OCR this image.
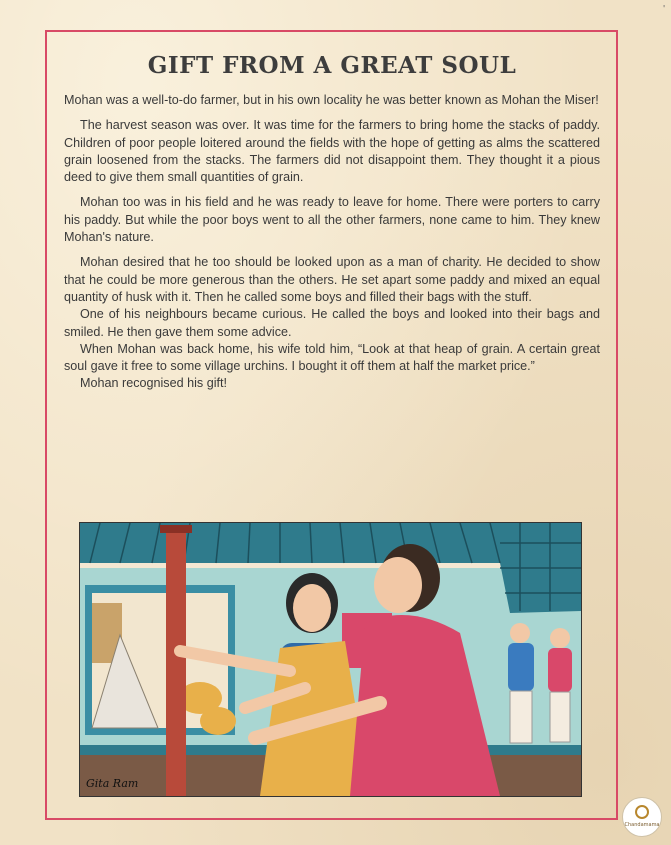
'
GIFT FROM A GREAT SOUL

Mohan was a well-to-do farmer, but in his own locality he was better known as Mohan the Miser!

The harvest season was over. It was time for the farmers to bring home the stacks of paddy. Children of poor people loitered around the fields with the hope of getting as alms the scattered grain loosened from the stacks. The farmers did not disappoint them. They thought it a pious deed to give them small quantities of grain.

Mohan too was in his field and he was ready to leave for home. There were porters to carry his paddy. But while the poor boys went to all the other farmers, none came to him. They knew Mohan's nature.

Mohan desired that he too should be looked upon as a man of charity. He decided to show that he could be more generous than the others. He set apart some paddy and mixed an equal quantity of husk with it. Then he called some boys and filled their bags with the stuff.

One of his neighbours became curious. He called the boys and looked into their bags and smiled. He then gave them some advice.

When Mohan was back home, his wife told him, “Look at that heap of grain. A certain great soul gave it free to some village urchins. I bought it off them at half the market price.”

Mohan recognised his gift!

Gita Ram
Chandamama
